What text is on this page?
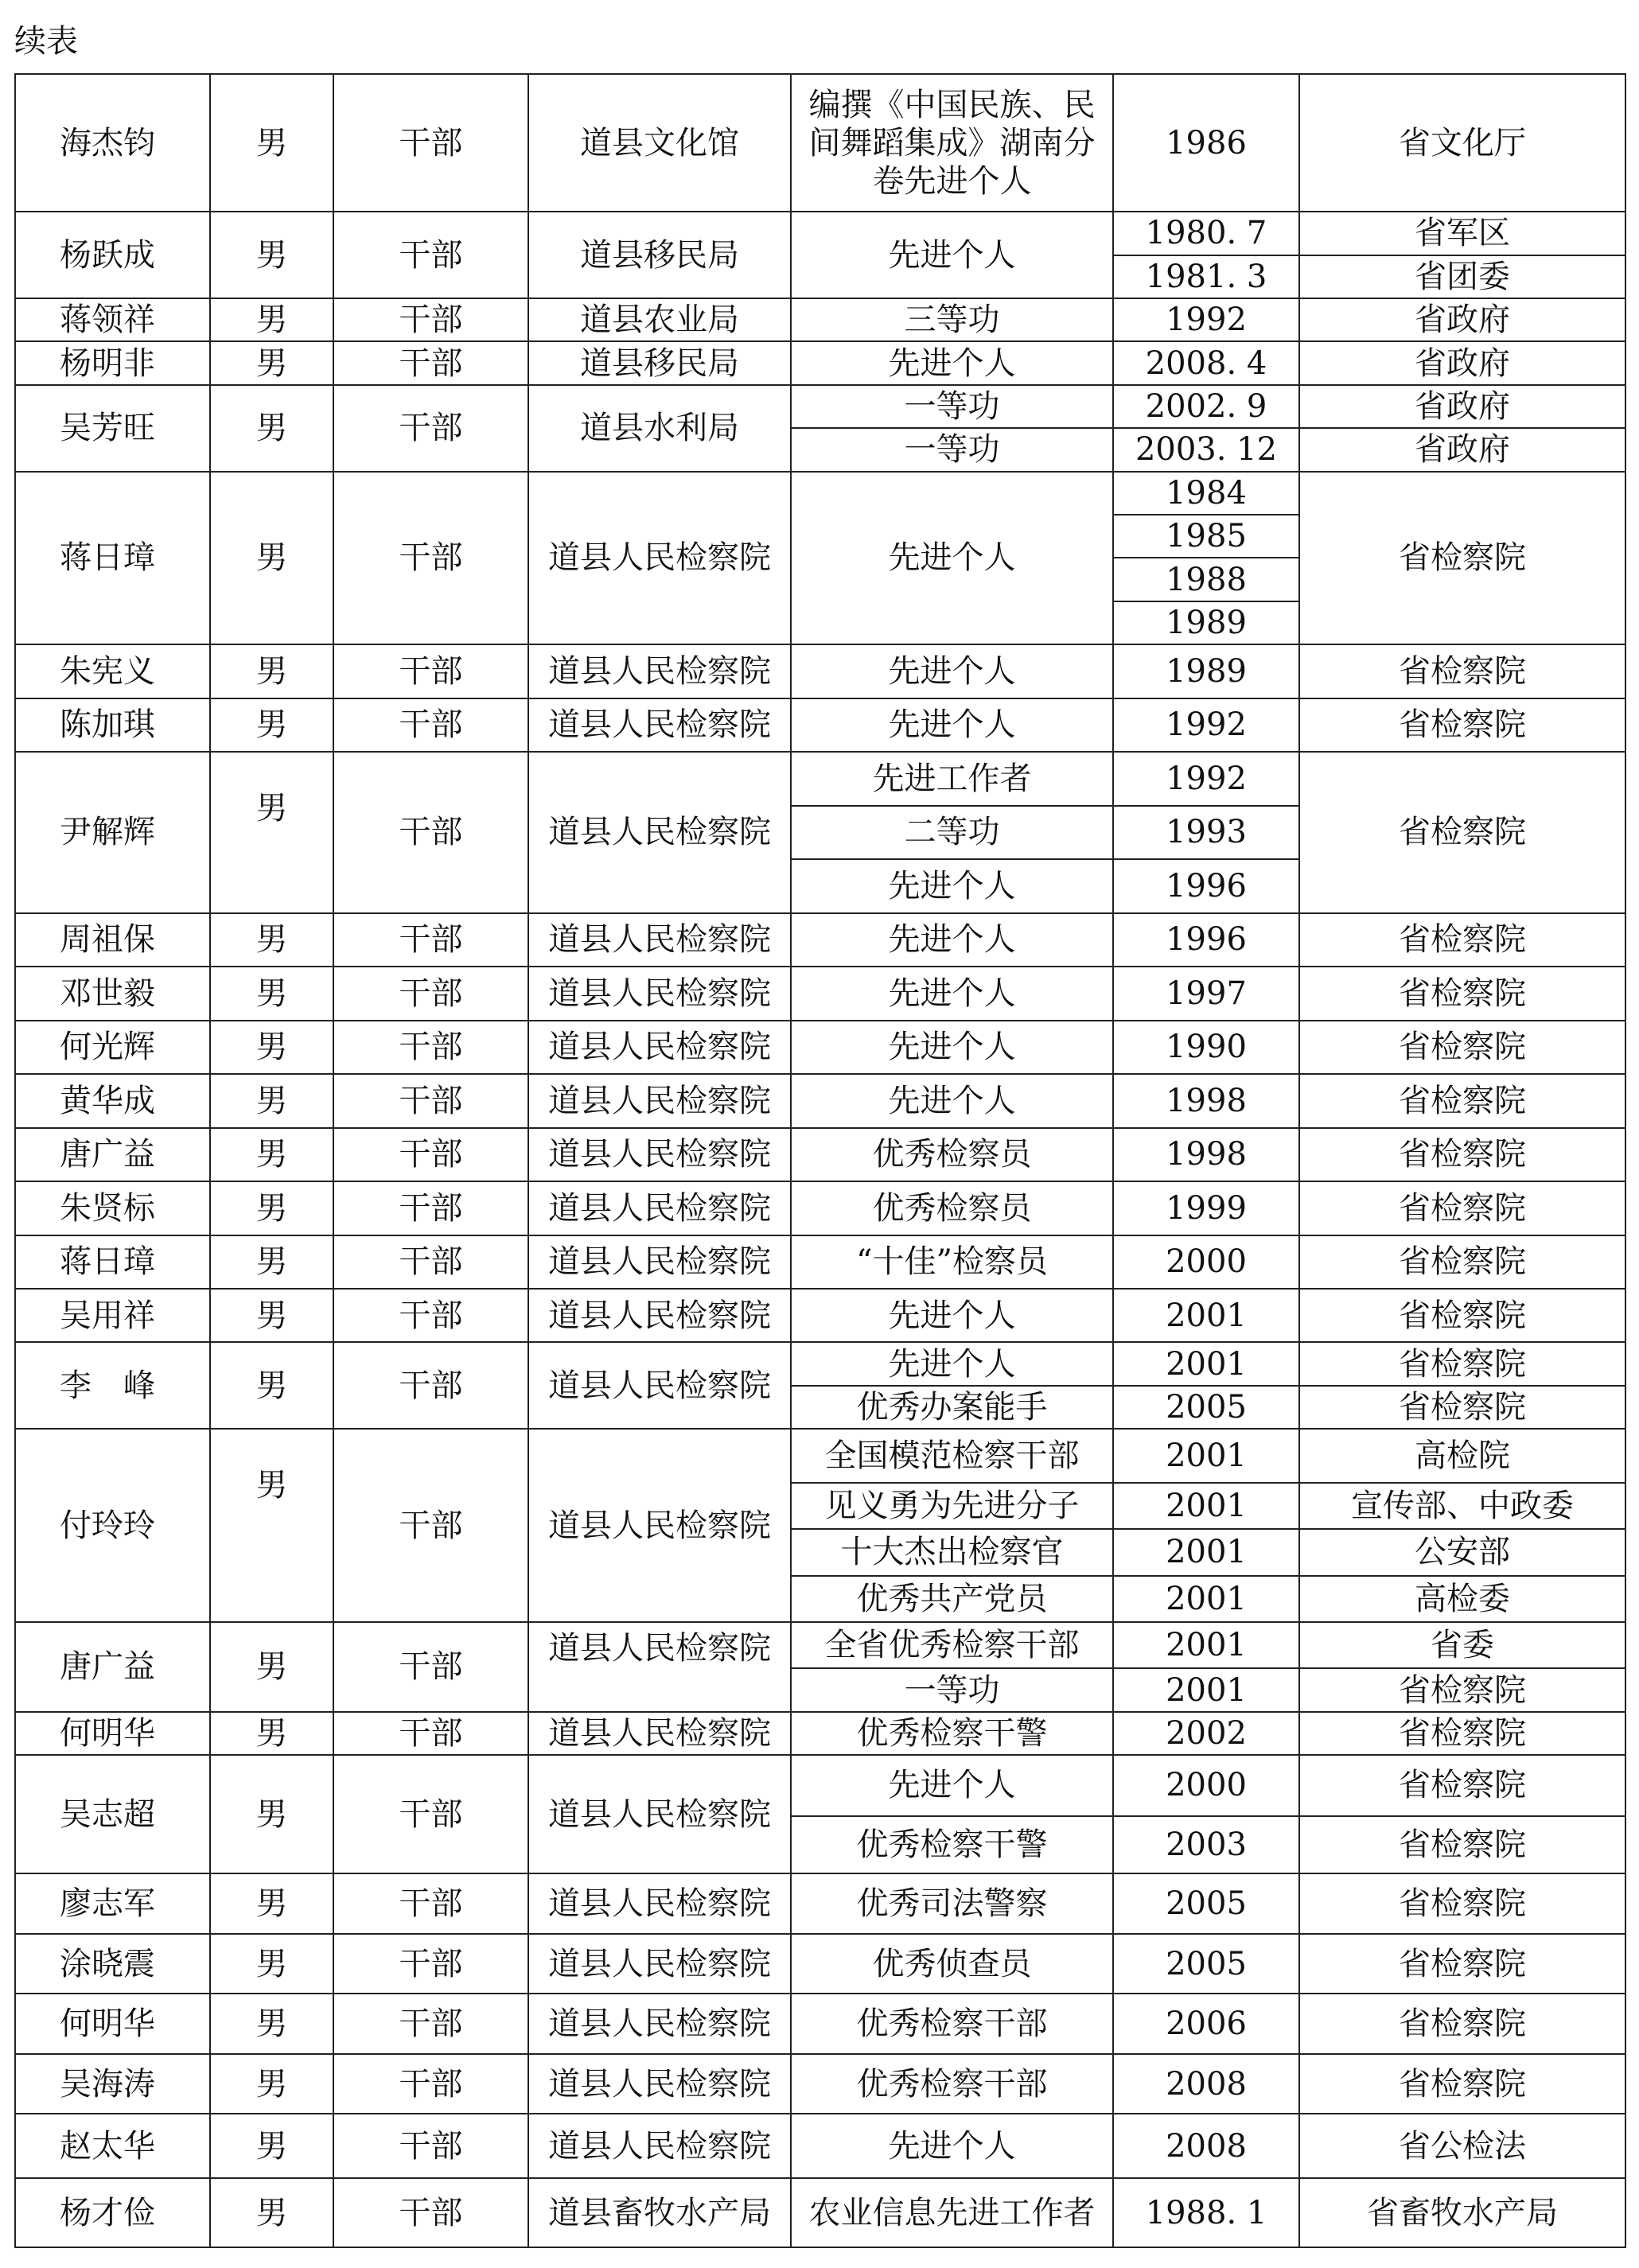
续表
海杰钧	男	干部	道县文化馆	编撰《中国民族、民间舞蹈集成》湖南分卷先进个人	1986	省文化厅
杨跃成	男	干部	道县移民局	先进个人	1980. 7	省军区
					1981. 3	省团委
蒋领祥	男	干部	道县农业局	三等功	1992	省政府
杨明非	男	干部	道县移民局	先进个人	2008. 4	省政府
吴芳旺	男	干部	道县水利局	一等功	2002. 9	省政府
				一等功	2003. 12	省政府
蒋日璋	男	干部	道县人民检察院	先进个人	1984	省检察院
					1985	
					1988	
					1989	
朱宪义	男	干部	道县人民检察院	先进个人	1989	省检察院
陈加琪	男	干部	道县人民检察院	先进个人	1992	省检察院
尹解辉	男	干部	道县人民检察院	先进工作者	1992	省检察院
				二等功	1993	
				先进个人	1996	
周祖保	男	干部	道县人民检察院	先进个人	1996	省检察院
邓世毅	男	干部	道县人民检察院	先进个人	1997	省检察院
何光辉	男	干部	道县人民检察院	先进个人	1990	省检察院
黄华成	男	干部	道县人民检察院	先进个人	1998	省检察院
唐广益	男	干部	道县人民检察院	优秀检察员	1998	省检察院
朱贤标	男	干部	道县人民检察院	优秀检察员	1999	省检察院
蒋日璋	男	干部	道县人民检察院	“十佳”检察员	2000	省检察院
吴用祥	男	干部	道县人民检察院	先进个人	2001	省检察院
李　峰	男	干部	道县人民检察院	先进个人	2001	省检察院
				优秀办案能手	2005	省检察院
付玲玲	男	干部	道县人民检察院	全国模范检察干部	2001	高检院
				见义勇为先进分子	2001	宣传部、中政委
				十大杰出检察官	2001	公安部
				优秀共产党员	2001	高检委
唐广益	男	干部	道县人民检察院	全省优秀检察干部	2001	省委
				一等功	2001	省检察院
何明华	男	干部	道县人民检察院	优秀检察干警	2002	省检察院
吴志超	男	干部	道县人民检察院	先进个人	2000	省检察院
				优秀检察干警	2003	省检察院
廖志军	男	干部	道县人民检察院	优秀司法警察	2005	省检察院
涂晓震	男	干部	道县人民检察院	优秀侦查员	2005	省检察院
何明华	男	干部	道县人民检察院	优秀检察干部	2006	省检察院
吴海涛	男	干部	道县人民检察院	优秀检察干部	2008	省检察院
赵太华	男	干部	道县人民检察院	先进个人	2008	省公检法
杨才俭	男	干部	道县畜牧水产局	农业信息先进工作者	1988. 1	省畜牧水产局
